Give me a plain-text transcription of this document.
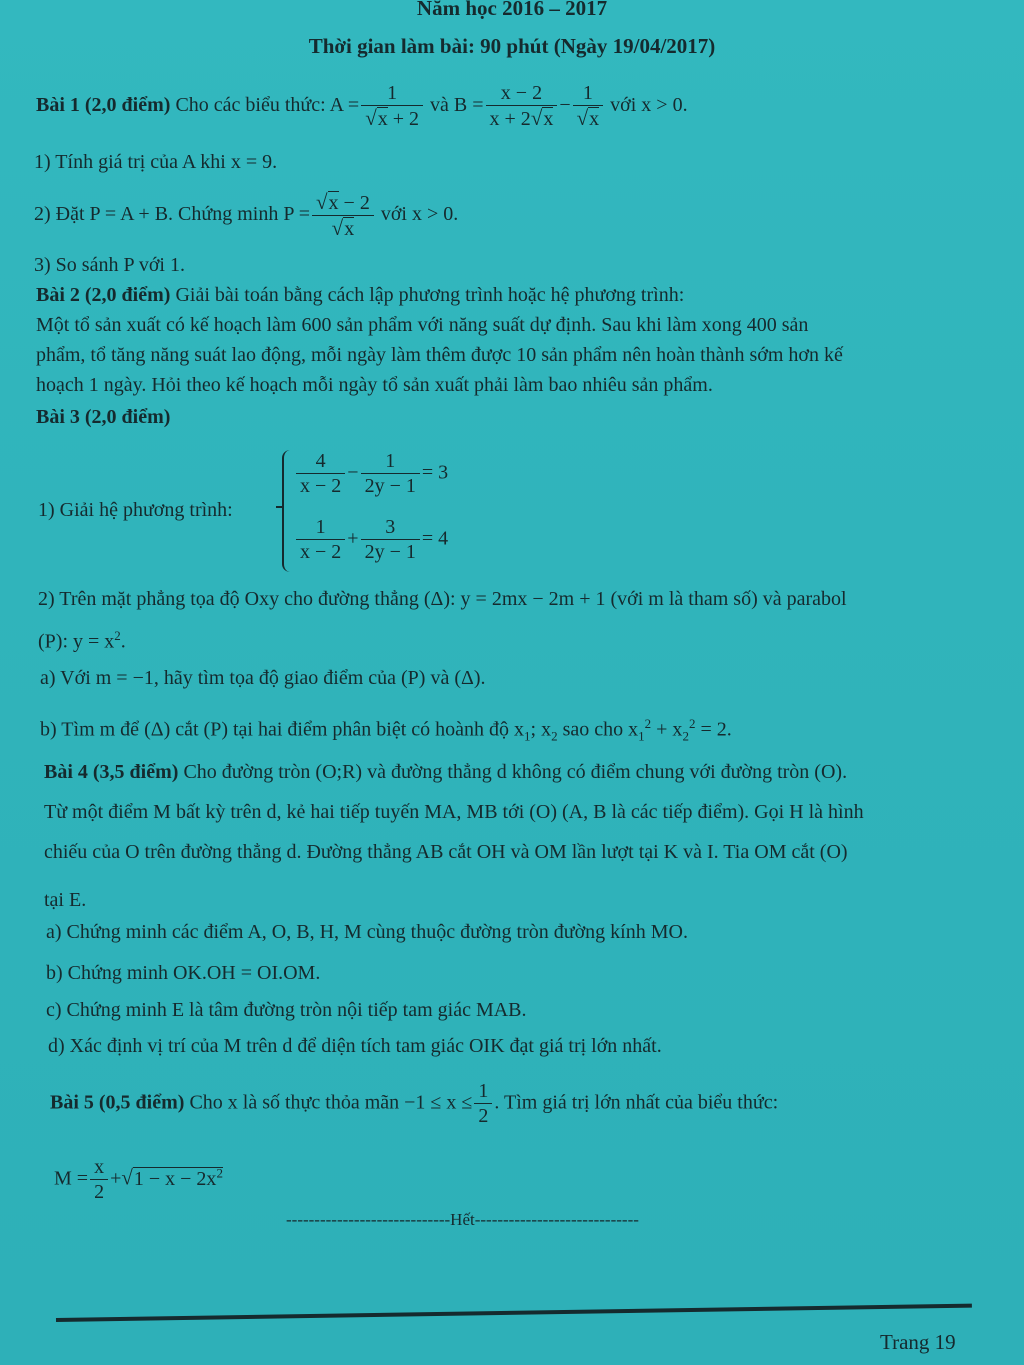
Năm học 2016 – 2017
Thời gian làm bài: 90 phút (Ngày 19/04/2017)
Bài 1 (2,0 điểm) Cho các biểu thức: $A = \frac{1}{√x + 2}$ và $B = \frac{x - 2}{x + 2√x} - \frac{1}{√x}$ với x > 0.
1) Tính giá trị của A khi x = 9.
2) Đặt P = A + B. Chứng minh $P = \frac{√x - 2}{√x}$ với x > 0.
3) So sánh P với 1.
Bài 2 (2,0 điểm) Giải bài toán bằng cách lập phương trình hoặc hệ phương trình:
Một tổ sản xuất có kế hoạch làm 600 sản phẩm với năng suất dự định. Sau khi làm xong 400 sản
phẩm, tổ tăng năng suát lao động, mỗi ngày làm thêm được 10 sản phẩm nên hoàn thành sớm hơn kế
hoạch 1 ngày. Hỏi theo kế hoạch mỗi ngày tổ sản xuất phải làm bao nhiêu sản phẩm.
Bài 3 (2,0 điểm)
1) Giải hệ phương trình:
$\frac{4}{x - 2} - \frac{1}{2y - 1} = 3$
$\frac{1}{x - 2} + \frac{3}{2y - 1} = 4$
2) Trên mặt phẳng tọa độ Oxy cho đường thẳng (Δ): y = 2mx − 2m + 1 (với m là tham số) và parabol
(P): $y = x^2$.
a) Với m = −1, hãy tìm tọa độ giao điểm của (P) và (Δ).
b) Tìm m để (Δ) cắt (P) tại hai điểm phân biệt có hoành độ $x_1$; $x_2$ sao cho $x_1^2 + x_2^2 = 2$.
Bài 4 (3,5 điểm) Cho đường tròn (O;R) và đường thẳng d không có điểm chung với đường tròn (O).
Từ một điểm M bất kỳ trên d, kẻ hai tiếp tuyến MA, MB tới (O) (A, B là các tiếp điểm). Gọi H là hình
chiếu của O trên đường thẳng d. Đường thẳng AB cắt OH và OM lần lượt tại K và I. Tia OM cắt (O)
tại E.
a) Chứng minh các điểm A, O, B, H, M cùng thuộc đường tròn đường kính MO.
b) Chứng minh OK.OH = OI.OM.
c) Chứng minh E là tâm đường tròn nội tiếp tam giác MAB.
d) Xác định vị trí của M trên d để diện tích tam giác OIK đạt giá trị lớn nhất.
Bài 5 (0,5 điểm) Cho x là số thực thỏa mãn $-1 \le x \le \frac{1}{2}$ . Tìm giá trị lớn nhất của biểu thức:
$M = \frac{x}{2} +√1 - x - 2x^2$
-----------------------------Hết-----------------------------
Trang 19
